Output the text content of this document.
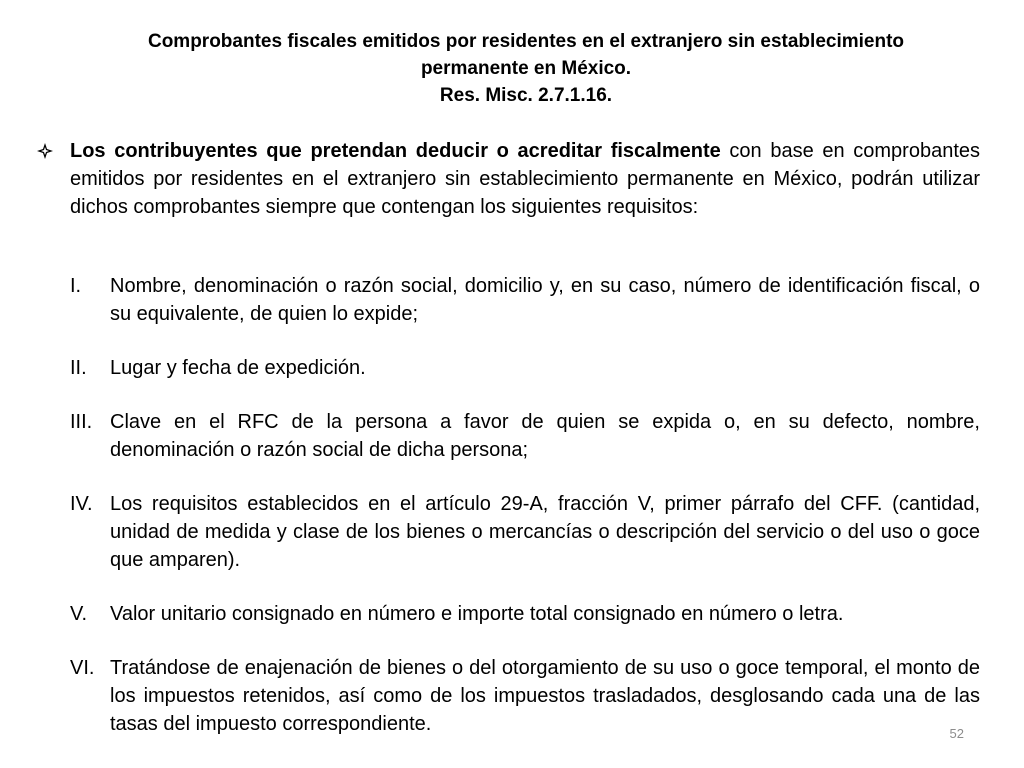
Comprobantes fiscales emitidos por residentes en el extranjero sin establecimiento
permanente en México.
Res. Misc. 2.7.1.16.
Los contribuyentes que pretendan deducir o acreditar fiscalmente con base en comprobantes emitidos por residentes en el extranjero sin establecimiento permanente en México, podrán utilizar dichos comprobantes siempre que contengan los siguientes requisitos:
I.	Nombre, denominación o razón social, domicilio y, en su caso, número de identificación fiscal, o su equivalente, de quien lo expide;
II.	Lugar y fecha de expedición.
III. Clave en el RFC de la persona a favor de quien se expida o, en su defecto, nombre, denominación o razón social de dicha persona;
IV. Los requisitos establecidos en el artículo 29-A, fracción V, primer párrafo del CFF. (cantidad, unidad de medida y clase de los bienes o mercancías o descripción del servicio o del uso o goce que amparen).
V.	Valor unitario consignado en número e importe total consignado en número o letra.
VI. Tratándose de enajenación de bienes o del otorgamiento de su uso o goce temporal, el monto de los impuestos retenidos, así como de los impuestos trasladados, desglosando cada una de las tasas del impuesto correspondiente.	52
